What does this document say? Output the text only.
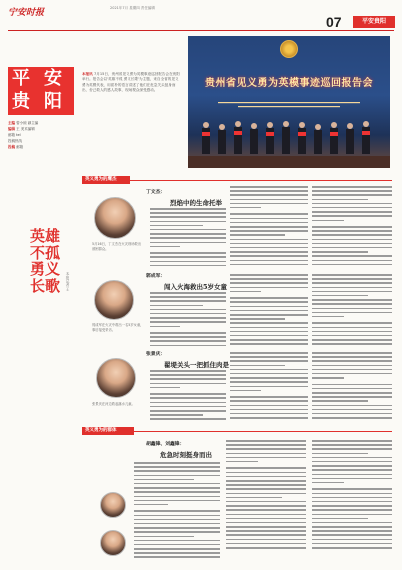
宁安时报	2021年7月 星期四 责任编辑
07	平安贵阳
平 安
贵 阳
主编 曾小琼 副主编
编辑 王 美术编辑
邮箱 tel
投稿热线
投稿 邮箱
本报讯 7月15日，贵州省见义勇为英模事迹巡回报告会在贵阳举行。报告会以'英雄不孤 勇义长歌'为主题，来自全省的见义勇为英模代表，用质朴的语言讲述了他们在危急关头挺身而出、舍己救人的感人故事，现场观众深受感动。
贵州省见义勇为英模事迹巡回报告会
英义勇为的鹰杰
英雄不孤 勇义长歌	本报记者 王
丁文杰：
烈焰中的生命托举
5月16日，丁文杰在火灾现场救出被困群众。
郭成军：
闯入火海救出5岁女童
郭成军在火灾中救出一名5岁女童，事后接受采访。
张景庆：
翟堤关头一把抓住肉是
张景庆在河边救起落水儿童。
英义勇为的群体
胡鑫锋、刘鑫锋：
危急时刻挺身而出
